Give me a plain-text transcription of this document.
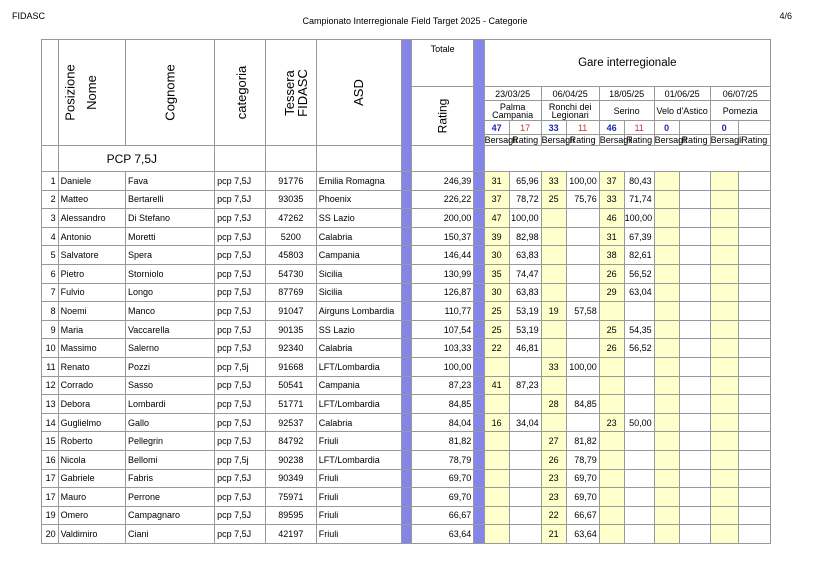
FIDASC	Campionato Interregionale Field Target 2025 - Categorie	4/6
Posizione	Nome	Cognome	categoria	Tessera FIDASC	ASD		Totale		Gare interregionale									
							Rating		23/03/25		06/04/25		18/05/25		01/06/25		06/07/25	
									Palma Campania		Ronchi dei Legionari		Serino		Velo d'Astico		Pomezia	
									47	17	33	11	46	11	0		0	
									Bersagli	Rating	Bersagli	Rating	Bersagli	Rating	Bersagli	Rating	Bersagli	Rating
	PCP 7,5J																	
1	Daniele	Fava	pcp 7,5J	91776	Emilia Romagna		246,39		31	65,96	33	100,00	37	80,43				
2	Matteo	Bertarelli	pcp 7,5J	93035	Phoenix		226,22		37	78,72	25	75,76	33	71,74				
3	Alessandro	Di Stefano	pcp 7,5J	47262	SS Lazio		200,00		47	100,00			46	100,00				
4	Antonio	Moretti	pcp 7,5J	5200	Calabria		150,37		39	82,98			31	67,39				
5	Salvatore	Spera	pcp 7,5J	45803	Campania		146,44		30	63,83			38	82,61				
6	Pietro	Storniolo	pcp 7,5J	54730	Sicilia		130,99		35	74,47			26	56,52				
7	Fulvio	Longo	pcp 7,5J	87769	Sicilia		126,87		30	63,83			29	63,04				
8	Noemi	Manco	pcp 7,5J	91047	Airguns Lombardia		110,77		25	53,19	19	57,58						
9	Maria	Vaccarella	pcp 7,5J	90135	SS Lazio		107,54		25	53,19			25	54,35				
10	Massimo	Salerno	pcp 7,5J	92340	Calabria		103,33		22	46,81			26	56,52				
11	Renato	Pozzi	pcp 7,5j	91668	LFT/Lombardia		100,00				33	100,00						
12	Corrado	Sasso	pcp 7,5J	50541	Campania		87,23		41	87,23								
13	Debora	Lombardi	pcp 7,5J	51771	LFT/Lombardia		84,85				28	84,85						
14	Guglielmo	Gallo	pcp 7,5J	92537	Calabria		84,04		16	34,04			23	50,00				
15	Roberto	Pellegrin	pcp 7,5J	84792	Friuli		81,82				27	81,82						
16	Nicola	Bellomi	pcp 7,5j	90238	LFT/Lombardia		78,79				26	78,79						
17	Gabriele	Fabris	pcp 7,5J	90349	Friuli		69,70				23	69,70						
17	Mauro	Perrone	pcp 7,5J	75971	Friuli		69,70				23	69,70						
19	Omero	Campagnaro	pcp 7,5J	89595	Friuli		66,67				22	66,67						
20	Valdimiro	Ciani	pcp 7,5J	42197	Friuli		63,64				21	63,64						
